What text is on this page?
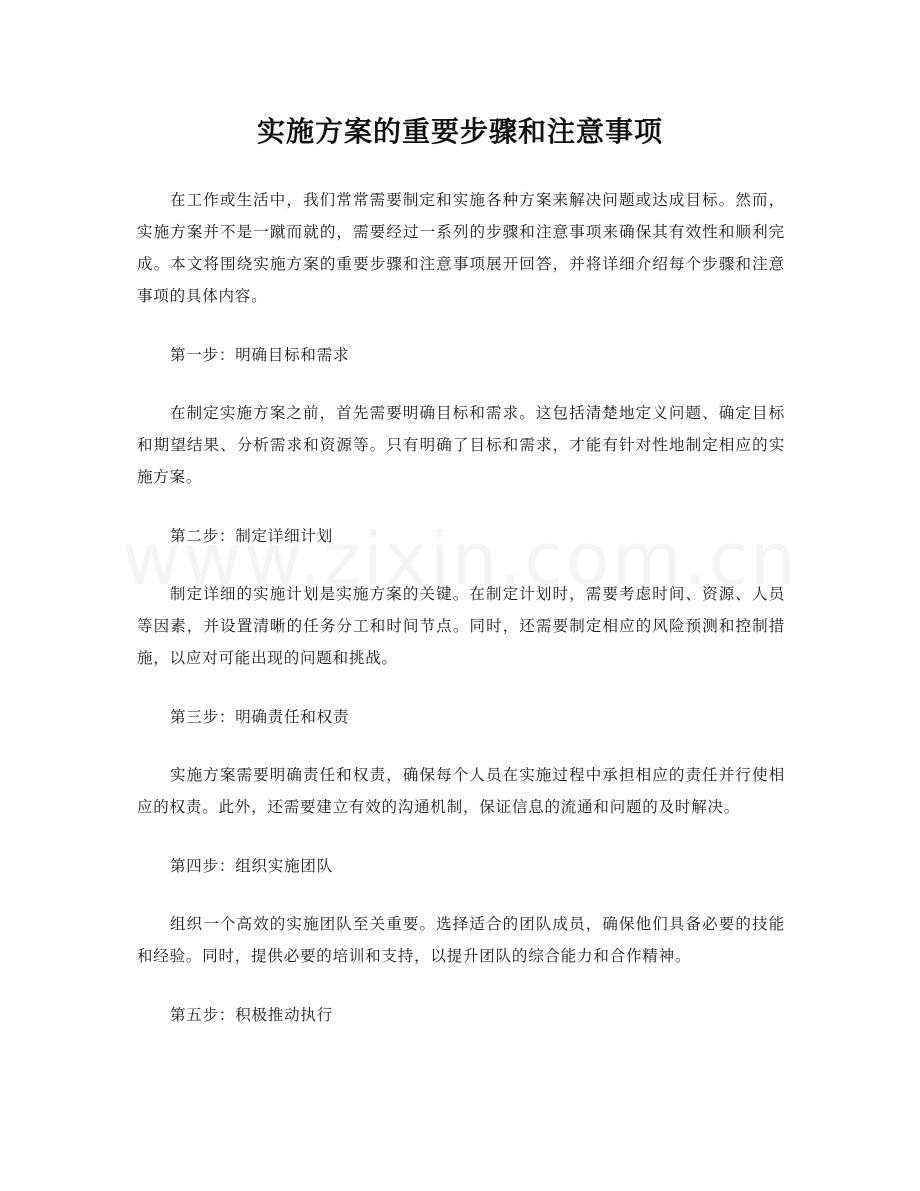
实施方案的重要步骤和注意事项

在工作或生活中，我们常常需要制定和实施各种方案来解决问题或达成目标。然而，实施方案并不是一蹴而就的，需要经过一系列的步骤和注意事项来确保其有效性和顺利完成。本文将围绕实施方案的重要步骤和注意事项展开回答，并将详细介绍每个步骤和注意事项的具体内容。

第一步：明确目标和需求

在制定实施方案之前，首先需要明确目标和需求。这包括清楚地定义问题、确定目标和期望结果、分析需求和资源等。只有明确了目标和需求，才能有针对性地制定相应的实施方案。

第二步：制定详细计划

制定详细的实施计划是实施方案的关键。在制定计划时，需要考虑时间、资源、人员等因素，并设置清晰的任务分工和时间节点。同时，还需要制定相应的风险预测和控制措施，以应对可能出现的问题和挑战。

第三步：明确责任和权责

实施方案需要明确责任和权责，确保每个人员在实施过程中承担相应的责任并行使相应的权责。此外，还需要建立有效的沟通机制，保证信息的流通和问题的及时解决。

第四步：组织实施团队

组织一个高效的实施团队至关重要。选择适合的团队成员，确保他们具备必要的技能和经验。同时，提供必要的培训和支持，以提升团队的综合能力和合作精神。

第五步：积极推动执行
